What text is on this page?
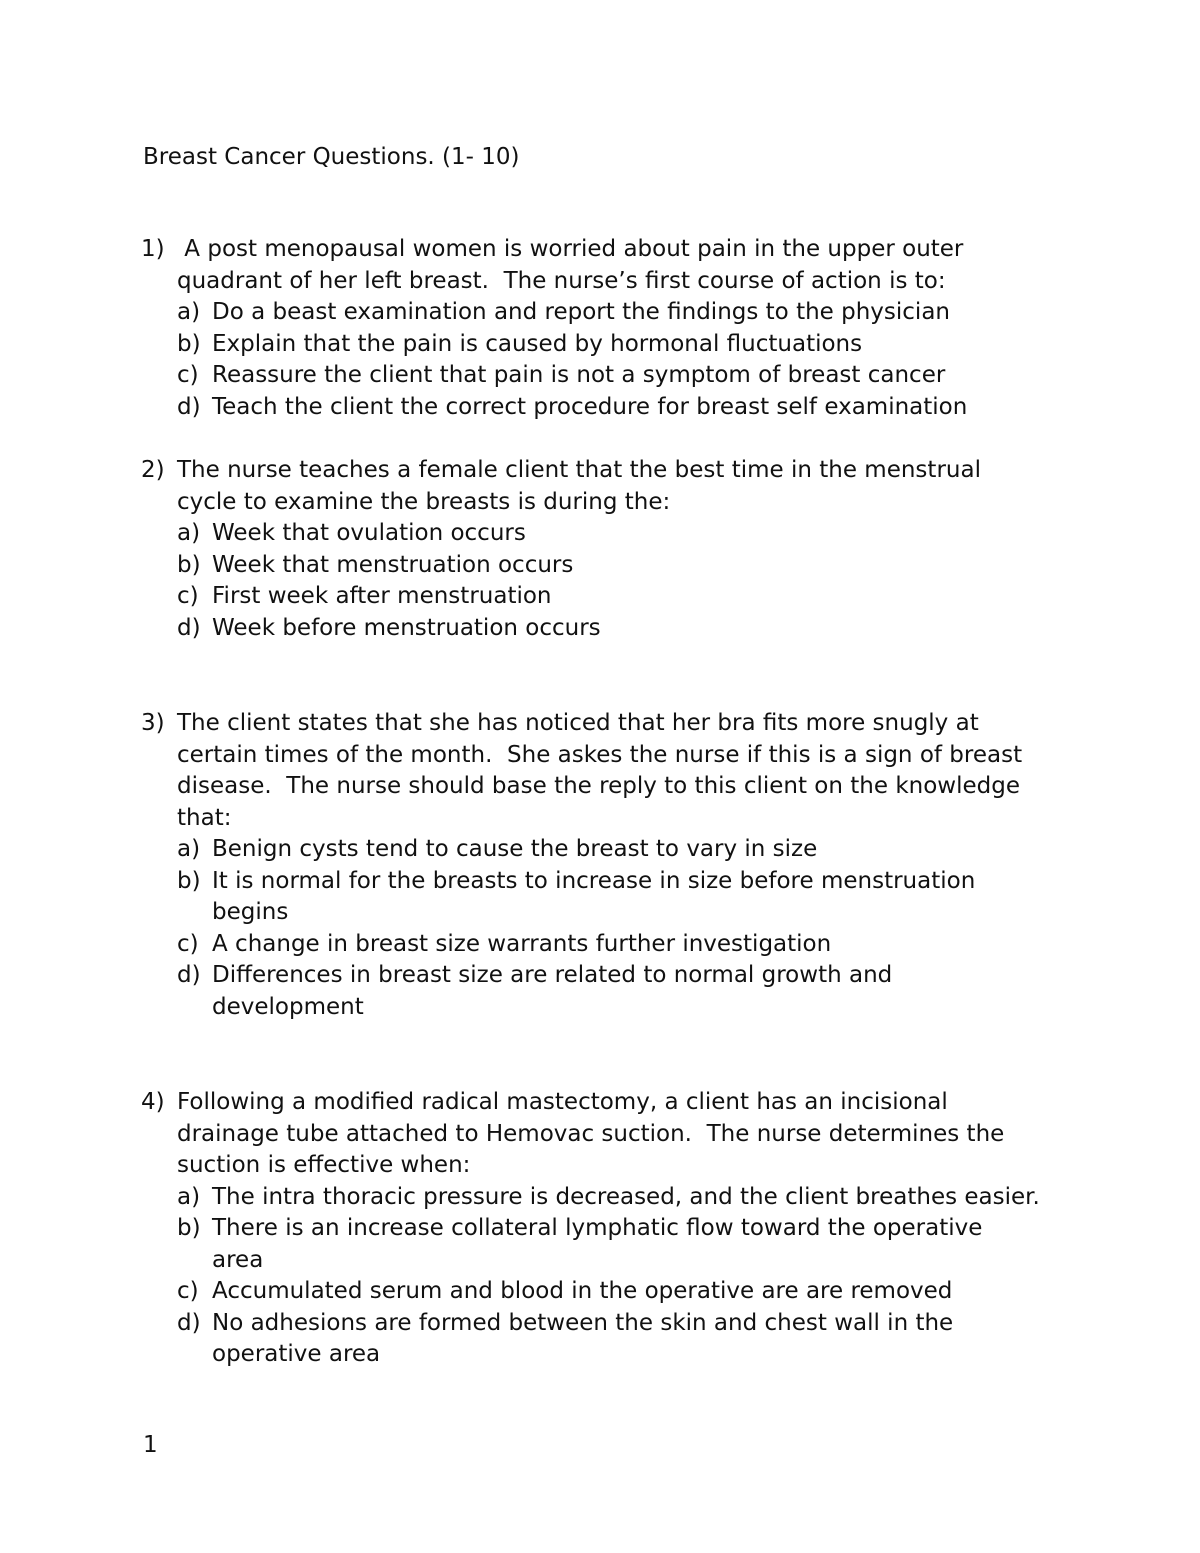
Breast Cancer Questions. (1- 10)
1) A post menopausal women is worried about pain in the upper outer
quadrant of her left breast.  The nurse’s first course of action is to:
a) Do a beast examination and report the findings to the physician
b) Explain that the pain is caused by hormonal fluctuations
c) Reassure the client that pain is not a symptom of breast cancer
d) Teach the client the correct procedure for breast self examination
2) The nurse teaches a female client that the best time in the menstrual
cycle to examine the breasts is during the:
a) Week that ovulation occurs
b) Week that menstruation occurs
c) First week after menstruation
d) Week before menstruation occurs
3) The client states that she has noticed that her bra fits more snugly at
certain times of the month.  She askes the nurse if this is a sign of breast
disease.  The nurse should base the reply to this client on the knowledge
that:
a) Benign cysts tend to cause the breast to vary in size
b) It is normal for the breasts to increase in size before menstruation
begins
c) A change in breast size warrants further investigation
d) Differences in breast size are related to normal growth and
development
4) Following a modified radical mastectomy, a client has an incisional
drainage tube attached to Hemovac suction.  The nurse determines the
suction is effective when:
a) The intra thoracic pressure is decreased, and the client breathes easier.
b) There is an increase collateral lymphatic flow toward the operative
area
c) Accumulated serum and blood in the operative are are removed
d) No adhesions are formed between the skin and chest wall in the
operative area
1
